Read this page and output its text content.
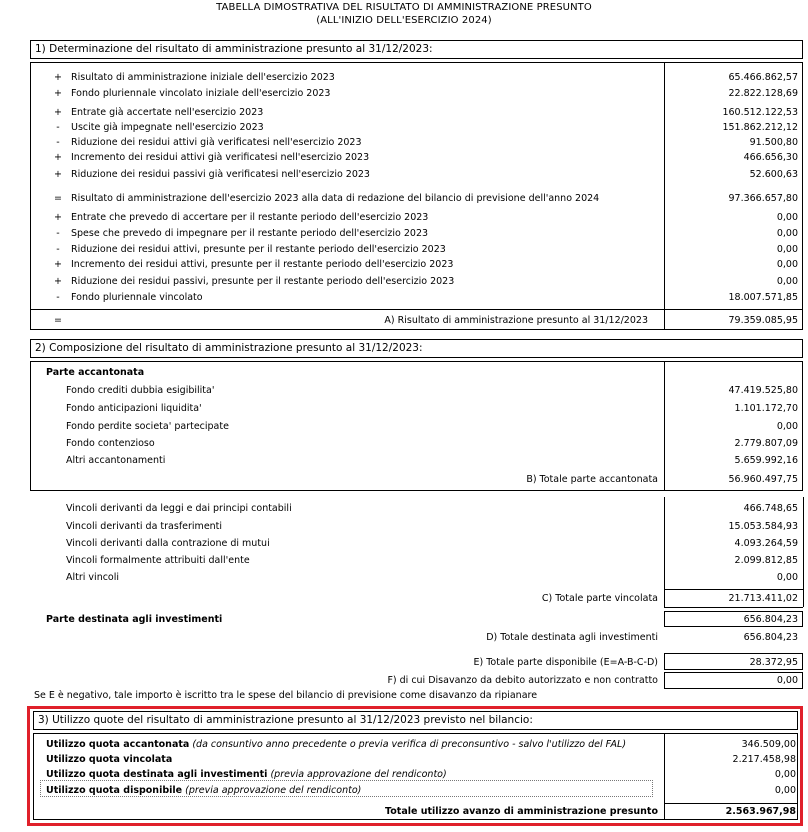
TABELLA DIMOSTRATIVA DEL RISULTATO DI AMMINISTRAZIONE PRESUNTO
(ALL'INIZIO DELL'ESERCIZIO 2024)
1) Determinazione del risultato di amministrazione presunto al 31/12/2023:
+ Risultato di amministrazione iniziale dell'esercizio 2023	65.466.862,57
+ Fondo pluriennale vincolato iniziale dell'esercizio 2023	22.822.128,69
+ Entrate già accertate nell'esercizio 2023	160.512.122,53
-	Uscite già impegnate nell'esercizio 2023	151.862.212,12
-	Riduzione dei residui attivi già verificatesi nell'esercizio 2023	91.500,80
+ Incremento dei residui attivi già verificatesi nell'esercizio 2023	466.656,30
+ Riduzione dei residui passivi già verificatesi nell'esercizio 2023	52.600,63
= Risultato di amministrazione dell'esercizio 2023 alla data di redazione del bilancio di previsione dell'anno 2024	97.366.657,80
+ Entrate che prevedo di accertare per il restante periodo dell'esercizio 2023	0,00
-	Spese che prevedo di impegnare per il restante periodo dell'esercizio 2023	0,00
-	Riduzione dei residui attivi, presunte per il restante periodo dell'esercizio 2023	0,00
+ Incremento dei residui attivi, presunte per il restante periodo dell'esercizio 2023	0,00
+ Riduzione dei residui passivi, presunte per il restante periodo dell'esercizio 2023	0,00
-	Fondo pluriennale vincolato	18.007.571,85
=	A) Risultato di amministrazione presunto al 31/12/2023	79.359.085,95
2) Composizione del risultato di amministrazione presunto al 31/12/2023:
Parte accantonata
Fondo crediti dubbia esigibilita'	47.419.525,80
Fondo anticipazioni liquidita'	1.101.172,70
Fondo perdite societa' partecipate	0,00
Fondo contenzioso	2.779.807,09
Altri accantonamenti	5.659.992,16
B) Totale parte accantonata	56.960.497,75
Vincoli derivanti da leggi e dai principi contabili	466.748,65
Vincoli derivanti da trasferimenti	15.053.584,93
Vincoli derivanti dalla contrazione di mutui	4.093.264,59
Vincoli formalmente attribuiti dall'ente	2.099.812,85
Altri vincoli	0,00
C) Totale parte vincolata	21.713.411,02
Parte destinata agli investimenti	656.804,23
D) Totale destinata agli investimenti	656.804,23
E) Totale parte disponibile (E=A-B-C-D)	28.372,95
F) di cui Disavanzo da debito autorizzato e non contratto	0,00
Se E è negativo, tale importo è iscritto tra le spese del bilancio di previsione come disavanzo da ripianare
3) Utilizzo quote del risultato di amministrazione presunto al 31/12/2023 previsto nel bilancio:
Utilizzo quota accantonata (da consuntivo anno precedente o previa verifica di preconsuntivo - salvo l'utilizzo del FAL)	346.509,00
Utilizzo quota vincolata	2.217.458,98
Utilizzo quota destinata agli investimenti (previa approvazione del rendiconto)	0,00
Utilizzo quota disponibile (previa approvazione del rendiconto)	0,00
Totale utilizzo avanzo di amministrazione presunto	2.563.967,98
